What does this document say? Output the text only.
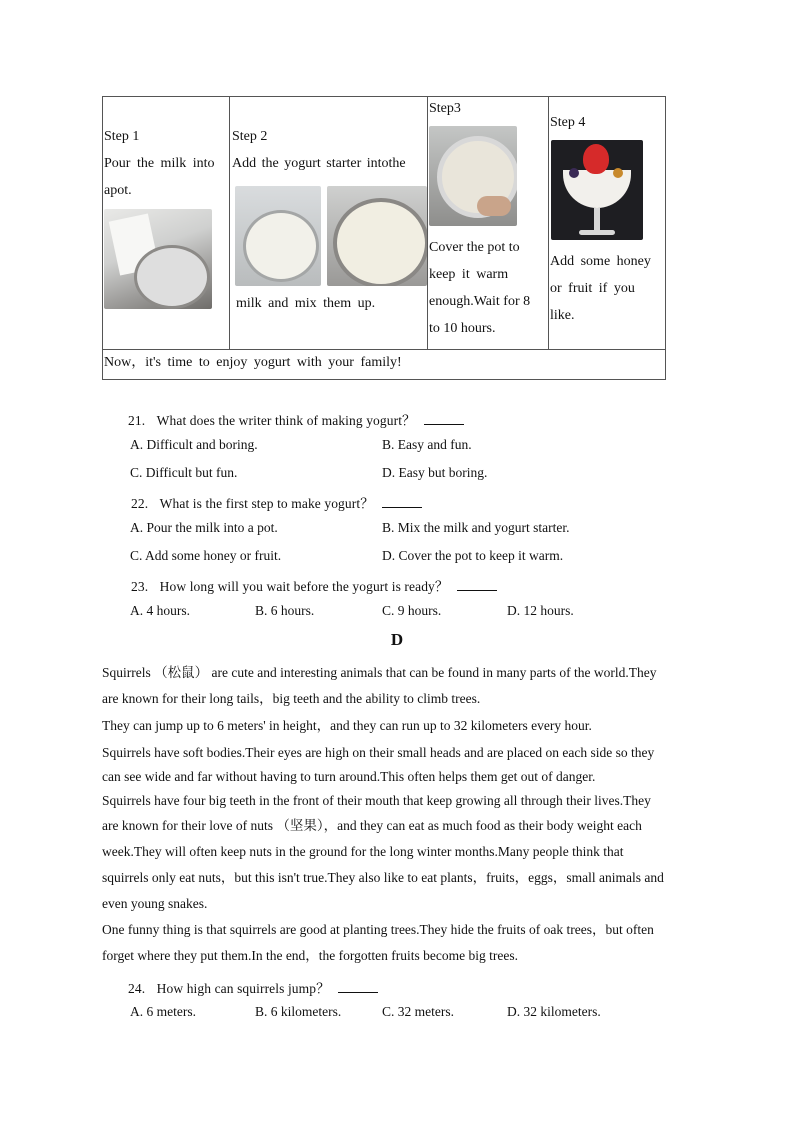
Step 1
Pour the milk into
apot.
Step 2
Add the yogurt starter intothe
milk and mix them up.
Step3
Cover the pot to
keep it warm
enough.Wait for 8
to 10 hours.
Step 4
Add some honey
or fruit if you
like.
Now，it's time to enjoy yogurt with your family!
21. What does the writer think of making yogurt？
A. Difficult and boring.	B. Easy and fun.
C. Difficult but fun.	D. Easy but boring.
22. What is the first step to make yogurt？
A. Pour the milk into a pot.	B. Mix the milk and yogurt starter.
C. Add some honey or fruit.	D. Cover the pot to keep it warm.
23. How long will you wait before the yogurt is ready？
A. 4 hours.	B. 6 hours.	C. 9 hours.	D. 12 hours.
D
Squirrels （松鼠） are cute and interesting animals that can be found in many parts of the world.They
are known for their long tails，big teeth and the ability to climb trees.
They can jump up to 6 meters' in height，and they can run up to 32 kilometers every hour.
Squirrels have soft bodies.Their eyes are high on their small heads and are placed on each side so they
can see wide and far without having to turn around.This often helps them get out of danger.
Squirrels have four big teeth in the front of their mouth that keep growing all through their lives.They
are known for their love of nuts （坚果），and they can eat as much food as their body weight each
week.They will often keep nuts in the ground for the long winter months.Many people think that
squirrels only eat nuts，but this isn't true.They also like to eat plants，fruits，eggs，small animals and
even young snakes.
One funny thing is that squirrels are good at planting trees.They hide the fruits of oak trees，but often
forget where they put them.In the end，the forgotten fruits become big trees.
24. How high can squirrels jump？
A. 6 meters.	B. 6 kilometers.	C. 32 meters.	D. 32 kilometers.
